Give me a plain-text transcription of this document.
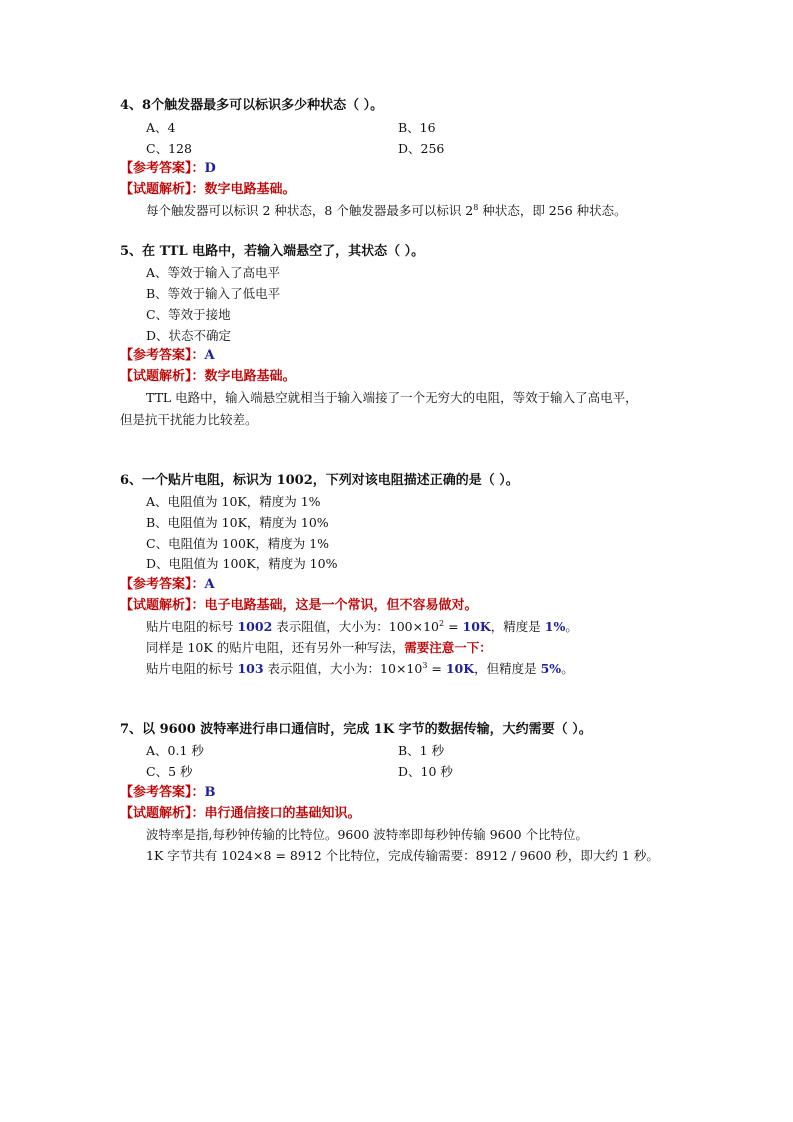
4、8个触发器最多可以标识多少种状态（ ）。
A、4	B、16
C、128	D、256
【参考答案】：D
【试题解析】：数字电路基础。
每个触发器可以标识 2 种状态，8 个触发器最多可以标识 $2^8$ 种状态，即 256 种状态。
5、在 TTL 电路中，若输入端悬空了，其状态（ ）。
A、等效于输入了高电平
B、等效于输入了低电平
C、等效于接地
D、状态不确定
【参考答案】：A
【试题解析】：数字电路基础。
TTL 电路中，输入端悬空就相当于输入端接了一个无穷大的电阻，等效于输入了高电平，
但是抗干扰能力比较差。
6、一个贴片电阻，标识为 1002，下列对该电阻描述正确的是（ ）。
A、电阻值为 10K，精度为 1%
B、电阻值为 10K，精度为 10%
C、电阻值为 100K，精度为 1%
D、电阻值为 100K，精度为 10%
【参考答案】：A
【试题解析】：电子电路基础，这是一个常识，但不容易做对。
贴片电阻的标号 1002 表示阻值，大小为：$100\times 10^2 = 10K$，精度是 1%。
同样是 10K 的贴片电阻，还有另外一种写法，需要注意一下：
贴片电阻的标号 103 表示阻值，大小为：$10\times 10^3 = 10K$，但精度是 5%。
7、以 9600 波特率进行串口通信时，完成 1K 字节的数据传输，大约需要（ ）。
A、0.1 秒	B、1 秒
C、5 秒	D、10 秒
【参考答案】：B
【试题解析】：串行通信接口的基础知识。
波特率是指,每秒钟传输的比特位。9600 波特率即每秒钟传输 9600 个比特位。
1K 字节共有 1024×8 = 8912 个比特位，完成传输需要：8912 / 9600 秒，即大约 1 秒。
